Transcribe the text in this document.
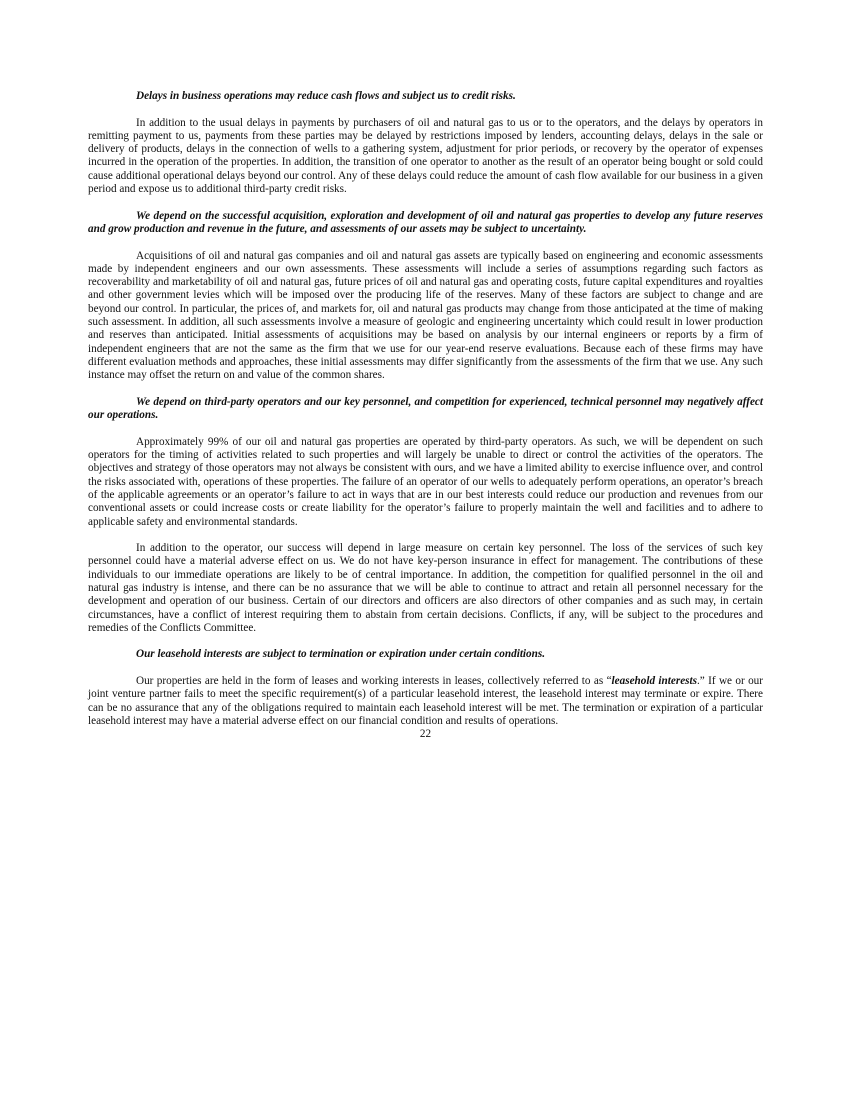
Delays in business operations may reduce cash flows and subject us to credit risks.

In addition to the usual delays in payments by purchasers of oil and natural gas to us or to the operators, and the delays by operators in remitting payment to us, payments from these parties may be delayed by restrictions imposed by lenders, accounting delays, delays in the sale or delivery of products, delays in the connection of wells to a gathering system, adjustment for prior periods, or recovery by the operator of expenses incurred in the operation of the properties. In addition, the transition of one operator to another as the result of an operator being bought or sold could cause additional operational delays beyond our control. Any of these delays could reduce the amount of cash flow available for our business in a given period and expose us to additional third-party credit risks.

We depend on the successful acquisition, exploration and development of oil and natural gas properties to develop any future reserves and grow production and revenue in the future, and assessments of our assets may be subject to uncertainty.

Acquisitions of oil and natural gas companies and oil and natural gas assets are typically based on engineering and economic assessments made by independent engineers and our own assessments. These assessments will include a series of assumptions regarding such factors as recoverability and marketability of oil and natural gas, future prices of oil and natural gas and operating costs, future capital expenditures and royalties and other government levies which will be imposed over the producing life of the reserves. Many of these factors are subject to change and are beyond our control. In particular, the prices of, and markets for, oil and natural gas products may change from those anticipated at the time of making such assessment. In addition, all such assessments involve a measure of geologic and engineering uncertainty which could result in lower production and reserves than anticipated. Initial assessments of acquisitions may be based on analysis by our internal engineers or reports by a firm of independent engineers that are not the same as the firm that we use for our year-end reserve evaluations. Because each of these firms may have different evaluation methods and approaches, these initial assessments may differ significantly from the assessments of the firm that we use. Any such instance may offset the return on and value of the common shares.

We depend on third-party operators and our key personnel, and competition for experienced, technical personnel may negatively affect our operations.

Approximately 99% of our oil and natural gas properties are operated by third-party operators. As such, we will be dependent on such operators for the timing of activities related to such properties and will largely be unable to direct or control the activities of the operators. The objectives and strategy of those operators may not always be consistent with ours, and we have a limited ability to exercise influence over, and control the risks associated with, operations of these properties. The failure of an operator of our wells to adequately perform operations, an operator’s breach of the applicable agreements or an operator’s failure to act in ways that are in our best interests could reduce our production and revenues from our conventional assets or could increase costs or create liability for the operator’s failure to properly maintain the well and facilities and to adhere to applicable safety and environmental standards.

In addition to the operator, our success will depend in large measure on certain key personnel. The loss of the services of such key personnel could have a material adverse effect on us. We do not have key-person insurance in effect for management. The contributions of these individuals to our immediate operations are likely to be of central importance. In addition, the competition for qualified personnel in the oil and natural gas industry is intense, and there can be no assurance that we will be able to continue to attract and retain all personnel necessary for the development and operation of our business. Certain of our directors and officers are also directors of other companies and as such may, in certain circumstances, have a conflict of interest requiring them to abstain from certain decisions. Conflicts, if any, will be subject to the procedures and remedies of the Conflicts Committee.

Our leasehold interests are subject to termination or expiration under certain conditions.

Our properties are held in the form of leases and working interests in leases, collectively referred to as “leasehold interests.” If we or our joint venture partner fails to meet the specific requirement(s) of a particular leasehold interest, the leasehold interest may terminate or expire. There can be no assurance that any of the obligations required to maintain each leasehold interest will be met. The termination or expiration of a particular leasehold interest may have a material adverse effect on our financial condition and results of operations.

22
